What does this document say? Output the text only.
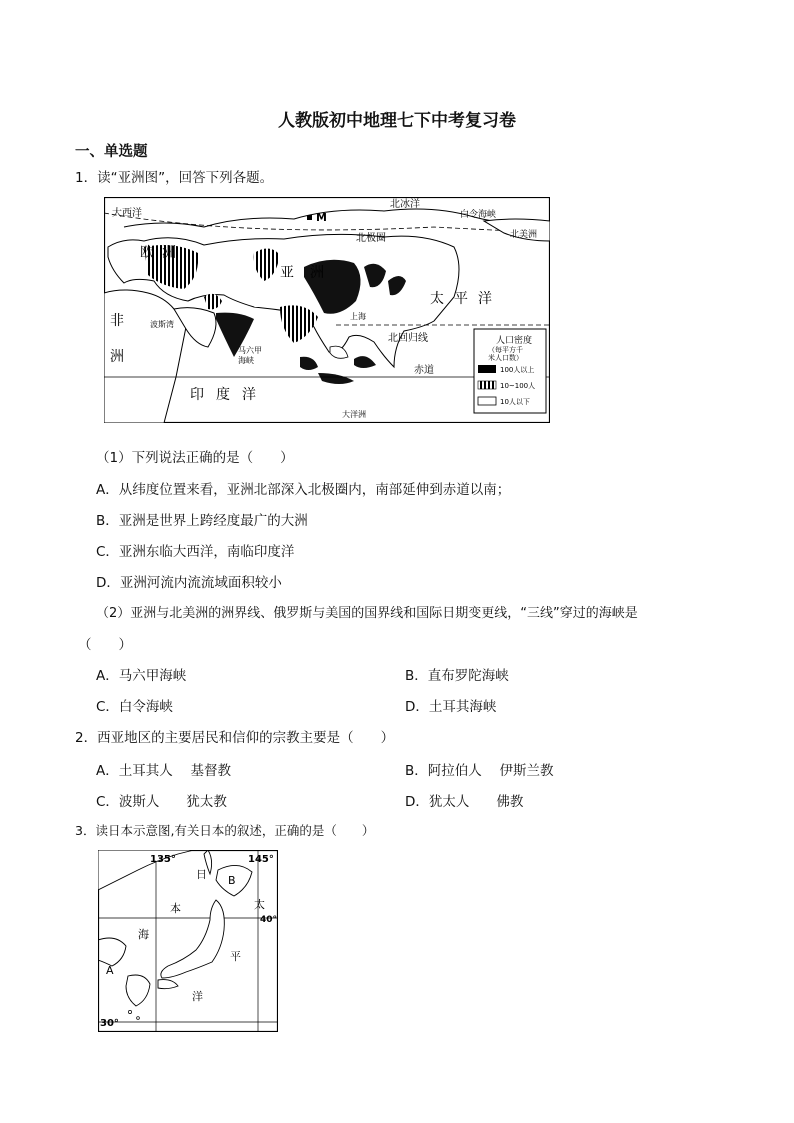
人教版初中地理七下中考复习卷
一、单选题
1．读“亚洲图”，回答下列各题。
大西洋
北冰洋
白令海峡
北美洲
北极圈
M
欧洲
亚洲
非
洲
太平洋
印度洋
上海
波斯湾
马六甲
海峡
北回归线
赤道
大洋洲
人口密度
（每平方千
米人口数）
100人以上
10~100人
10人以下
（1）下列说法正确的是（　　）
A．从纬度位置来看，亚洲北部深入北极圈内，南部延伸到赤道以南；
B．亚洲是世界上跨经度最广的大洲
C．亚洲东临大西洋，南临印度洋
D．亚洲河流内流流域面积较小
（2）亚洲与北美洲的洲界线、俄罗斯与美国的国界线和国际日期变更线，“三线”穿过的海峡是
（　　）
A．马六甲海峡	B．直布罗陀海峡
C．白令海峡	D．土耳其海峡
2．西亚地区的主要居民和信仰的宗教主要是（　　）
A．土耳其人　 基督教	B．阿拉伯人　 伊斯兰教
C．波斯人　　犹太教	D．犹太人　　佛教
3．读日本示意图,有关日本的叙述，正确的是（　　）
135°	145°
40°
30°
日
本
海
太
平
洋
A
B
